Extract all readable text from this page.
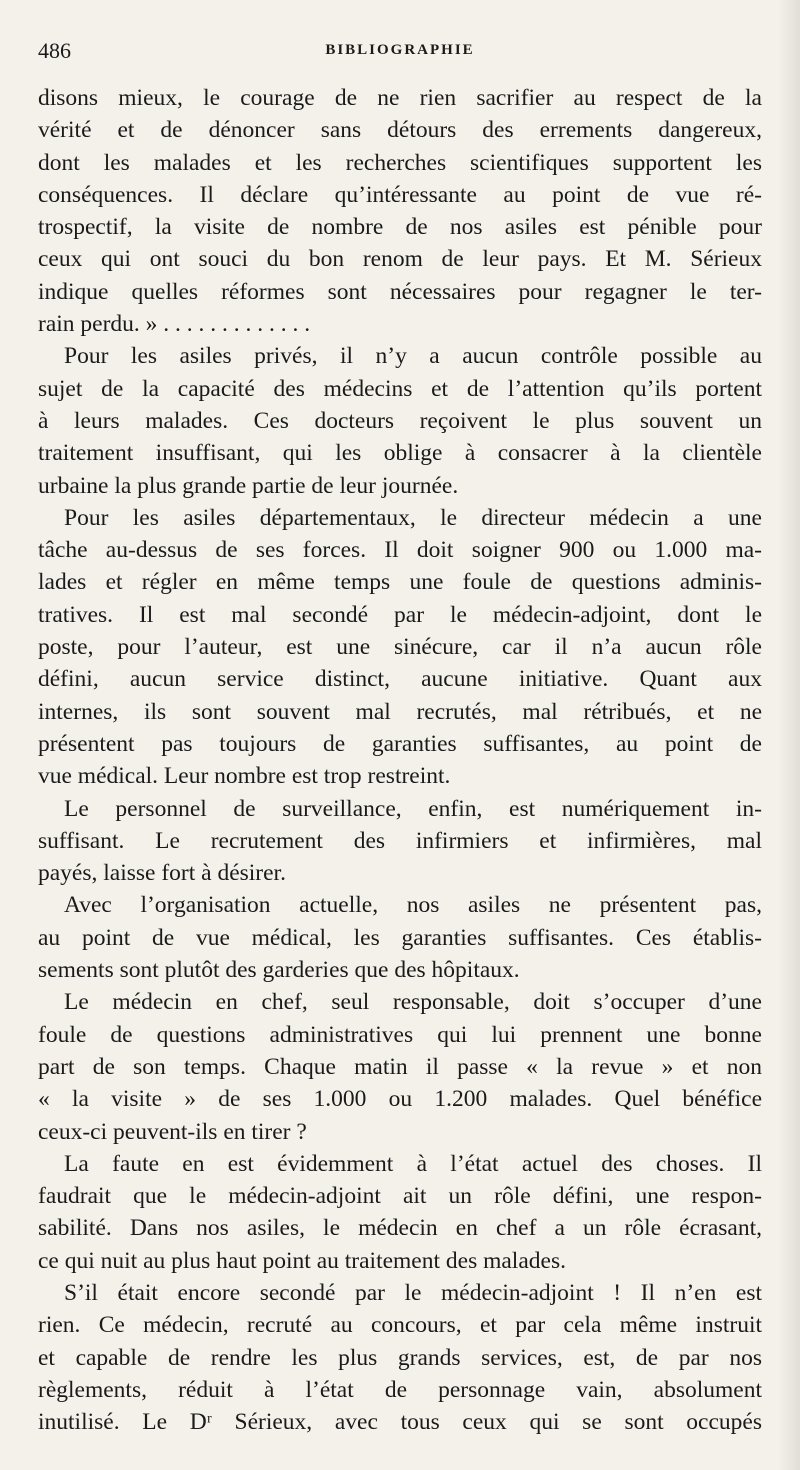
486	BIBLIOGRAPHIE
disons mieux, le courage de ne rien sacrifier au respect de la
vérité et de dénoncer sans détours des errements dangereux,
dont les malades et les recherches scientifiques supportent les
conséquences. Il déclare qu’intéressante au point de vue ré-
trospectif, la visite de nombre de nos asiles est pénible pour
ceux qui ont souci du bon renom de leur pays. Et M. Sérieux
indique quelles réformes sont nécessaires pour regagner le ter-
rain perdu. » . . . . . . . . . . . . .
Pour les asiles privés, il n’y a aucun contrôle possible au
sujet de la capacité des médecins et de l’attention qu’ils portent
à leurs malades. Ces docteurs reçoivent le plus souvent un
traitement insuffisant, qui les oblige à consacrer à la clientèle
urbaine la plus grande partie de leur journée.
Pour les asiles départementaux, le directeur médecin a une
tâche au-dessus de ses forces. Il doit soigner 900 ou 1.000 ma-
lades et régler en même temps une foule de questions adminis-
tratives. Il est mal secondé par le médecin-adjoint, dont le
poste, pour l’auteur, est une sinécure, car il n’a aucun rôle
défini, aucun service distinct, aucune initiative. Quant aux
internes, ils sont souvent mal recrutés, mal rétribués, et ne
présentent pas toujours de garanties suffisantes, au point de
vue médical. Leur nombre est trop restreint.
Le personnel de surveillance, enfin, est numériquement in-
suffisant. Le recrutement des infirmiers et infirmières, mal
payés, laisse fort à désirer.
Avec l’organisation actuelle, nos asiles ne présentent pas,
au point de vue médical, les garanties suffisantes. Ces établis-
sements sont plutôt des garderies que des hôpitaux.
Le médecin en chef, seul responsable, doit s’occuper d’une
foule de questions administratives qui lui prennent une bonne
part de son temps. Chaque matin il passe « la revue » et non
« la visite » de ses 1.000 ou 1.200 malades. Quel bénéfice
ceux-ci peuvent-ils en tirer ?
La faute en est évidemment à l’état actuel des choses. Il
faudrait que le médecin-adjoint ait un rôle défini, une respon-
sabilité. Dans nos asiles, le médecin en chef a un rôle écrasant,
ce qui nuit au plus haut point au traitement des malades.
S’il était encore secondé par le médecin-adjoint ! Il n’en est
rien. Ce médecin, recruté au concours, et par cela même instruit
et capable de rendre les plus grands services, est, de par nos
règlements, réduit à l’état de personnage vain, absolument
inutilisé. Le Dʳ Sérieux, avec tous ceux qui se sont occupés
